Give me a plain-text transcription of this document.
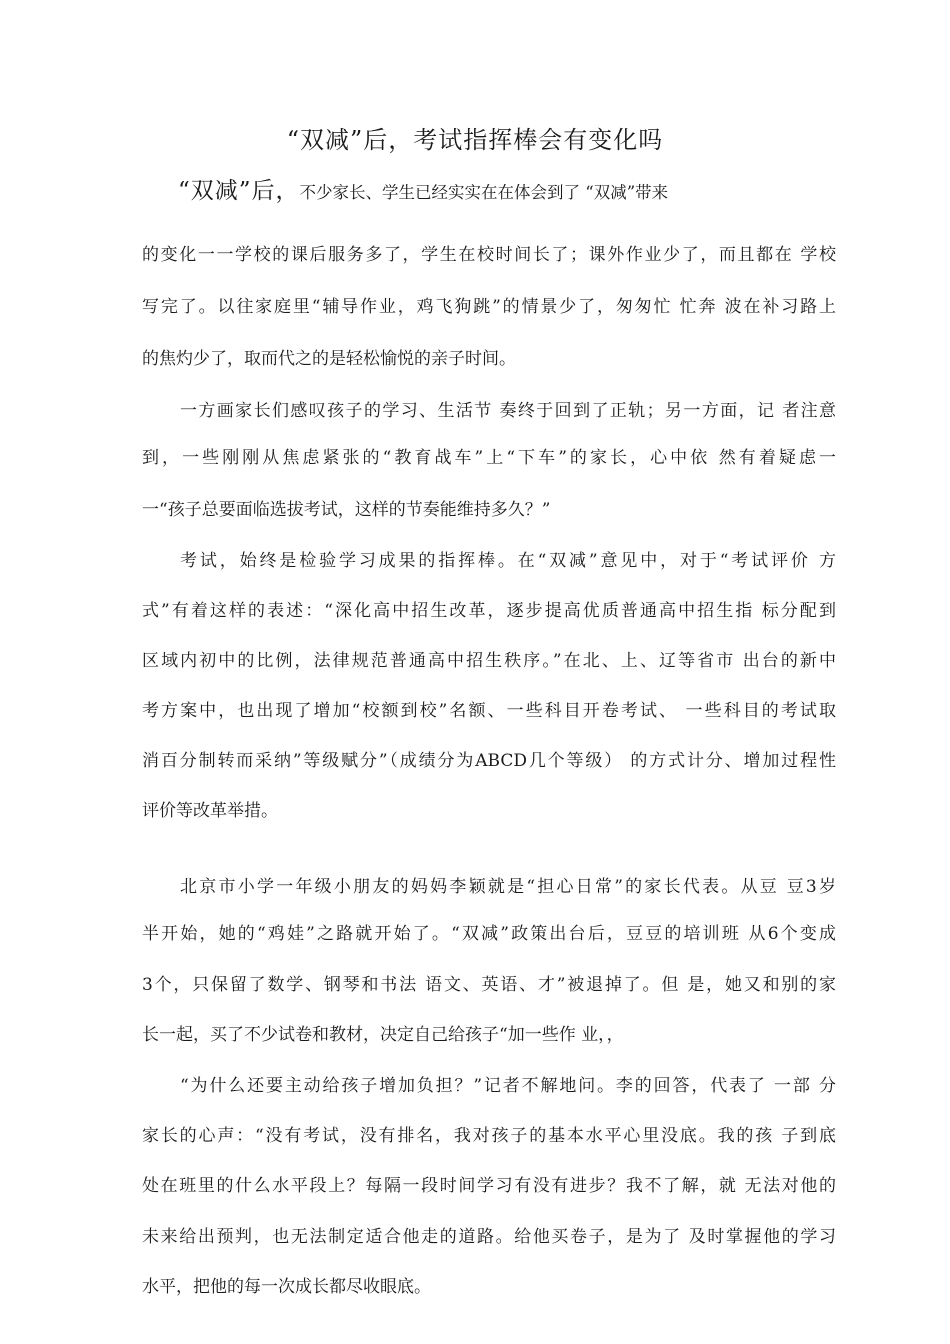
“双减”后，考试指挥棒会有变化吗
“双减”后，不少家长、学生已经实实在在体会到了 “双减”带来
的变化一一学校的课后服务多了，学生在校时间长了；课外作业少了，而且都在 学校
写完了。以往家庭里“辅导作业，鸡飞狗跳”的情景少了，匆匆忙 忙奔 波在补习路上
的焦灼少了，取而代之的是轻松愉悦的亲子时间。
一方画家长们感叹孩子的学习、生活节 奏终于回到了正轨；另一方面，记 者注意
到，一些刚刚从焦虑紧张的“教育战车”上“下车”的家长，心中依 然有着疑虑一
一“孩子总要面临选拔考试，这样的节奏能维持多久？”
考试，始终是检验学习成果的指挥棒。在“双减”意见中，对于“考试评价 方
式”有着这样的表述：“深化高中招生改革，逐步提高优质普通高中招生指 标分配到
区域内初中的比例，法律规范普通高中招生秩序。”在北、上、辽等省市 出台的新中
考方案中，也出现了增加“校额到校”名额、一些科目开卷考试、 一些科目的考试取
消百分制转而采纳”等级赋分”（成绩分为ABCD几个等级） 的方式计分、增加过程性
评价等改革举措。
北京市小学一年级小朋友的妈妈李颖就是“担心日常”的家长代表。从豆 豆3岁
半开始，她的“鸡娃”之路就开始了。“双减”政策出台后，豆豆的培训班 从6个变成
3个，只保留了数学、钢琴和书法 语文、英语、才”被退掉了。但 是，她又和别的家
长一起，买了不少试卷和教材，决定自己给孩子“加一些作 业，，
“为什么还要主动给孩子增加负担？”记者不解地问。李的回答，代表了 一部 分
家长的心声：“没有考试，没有排名，我对孩子的基本水平心里没底。我的孩 子到底
处在班里的什么水平段上？每隔一段时间学习有没有进步？我不了解，就 无法对他的
未来给出预判，也无法制定适合他走的道路。给他买卷子，是为了 及时掌握他的学习
水平，把他的每一次成长都尽收眼底。
